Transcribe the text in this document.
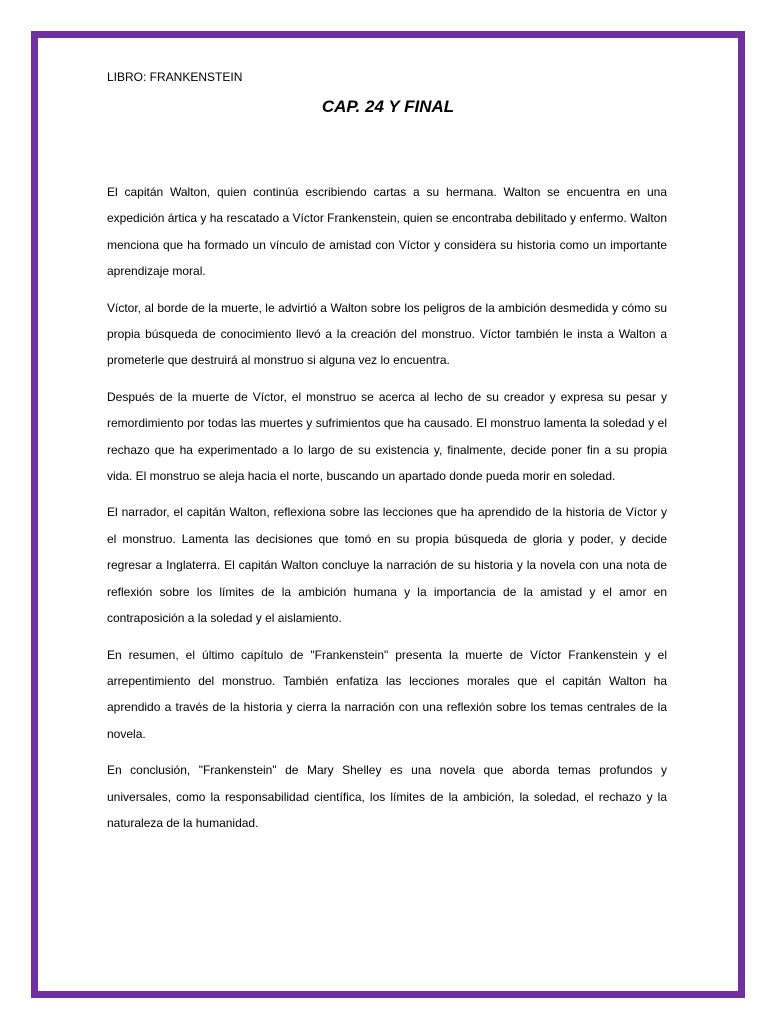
LIBRO: FRANKENSTEIN

CAP. 24 Y FINAL

El capitán Walton, quien continúa escribiendo cartas a su hermana. Walton se encuentra en una expedición ártica y ha rescatado a Víctor Frankenstein, quien se encontraba debilitado y enfermo. Walton menciona que ha formado un vínculo de amistad con Víctor y considera su historia como un importante aprendizaje moral.

Víctor, al borde de la muerte, le advirtió a Walton sobre los peligros de la ambición desmedida y cómo su propia búsqueda de conocimiento llevó a la creación del monstruo. Víctor también le insta a Walton a prometerle que destruirá al monstruo si alguna vez lo encuentra.

Después de la muerte de Víctor, el monstruo se acerca al lecho de su creador y expresa su pesar y remordimiento por todas las muertes y sufrimientos que ha causado. El monstruo lamenta la soledad y el rechazo que ha experimentado a lo largo de su existencia y, finalmente, decide poner fin a su propia vida. El monstruo se aleja hacia el norte, buscando un apartado donde pueda morir en soledad.

El narrador, el capitán Walton, reflexiona sobre las lecciones que ha aprendido de la historia de Víctor y el monstruo. Lamenta las decisiones que tomó en su propia búsqueda de gloria y poder, y decide regresar a Inglaterra. El capitán Walton concluye la narración de su historia y la novela con una nota de reflexión sobre los límites de la ambición humana y la importancia de la amistad y el amor en contraposición a la soledad y el aislamiento.

En resumen, el último capítulo de "Frankenstein" presenta la muerte de Víctor Frankenstein y el arrepentimiento del monstruo. También enfatiza las lecciones morales que el capitán Walton ha aprendido a través de la historia y cierra la narración con una reflexión sobre los temas centrales de la novela.

En conclusión, "Frankenstein" de Mary Shelley es una novela que aborda temas profundos y universales, como la responsabilidad científica, los límites de la ambición, la soledad, el rechazo y la naturaleza de la humanidad.
